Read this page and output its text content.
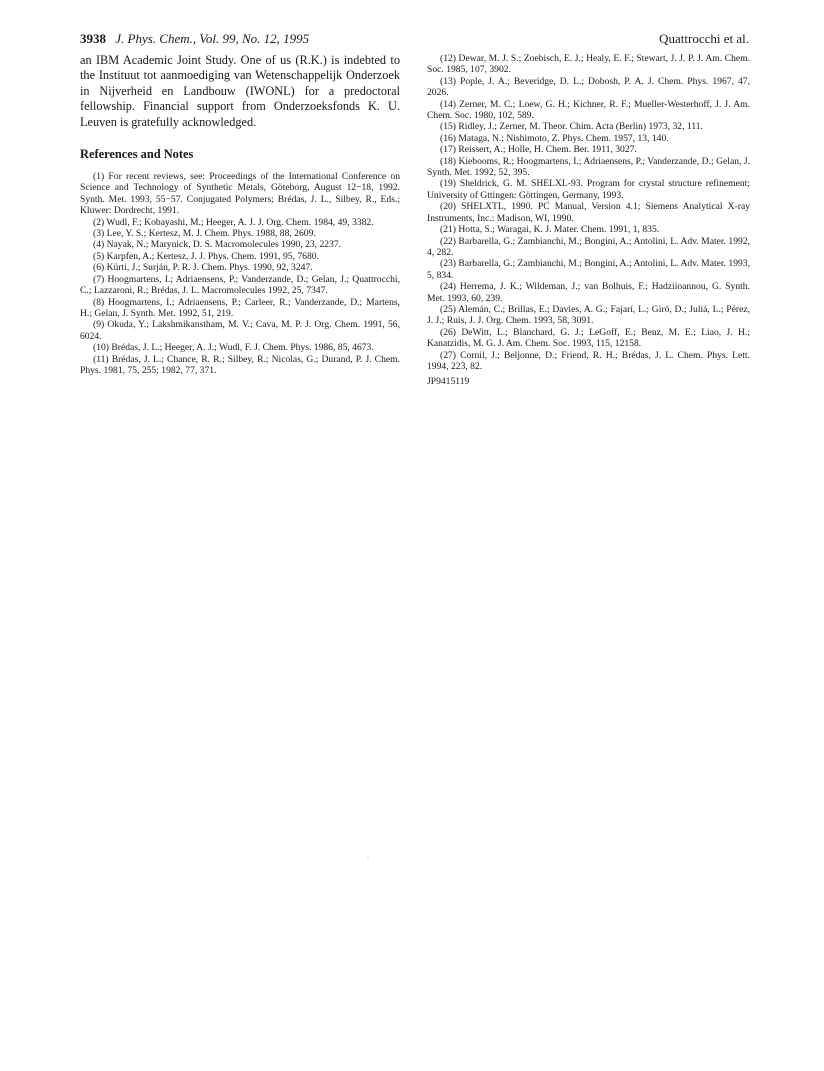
3938 J. Phys. Chem., Vol. 99, No. 12, 1995	Quattrocchi et al.

an IBM Academic Joint Study. One of us (R.K.) is indebted to the Instituut tot aanmoediging van Wetenschappelijk Onderzoek in Nijverheid en Landbouw (IWONL) for a predoctoral fellowship. Financial support from Onderzoeksfonds K. U. Leuven is gratefully acknowledged.

References and Notes

(1) For recent reviews, see: Proceedings of the International Conference on Science and Technology of Synthetic Metals, Göteborg, August 12−18, 1992. Synth. Met. 1993, 55−57. Conjugated Polymers; Brédas, J. L., Silbey, R., Eds.; Kluwer: Dordrecht, 1991.

(2) Wudl, F.; Kobayashi, M.; Heeger, A. J. J. Org. Chem. 1984, 49, 3382.

(3) Lee, Y. S.; Kertesz, M. J. Chem. Phys. 1988, 88, 2609.

(4) Nayak, N.; Marynick, D. S. Macromolecules 1990, 23, 2237.

(5) Karpfen, A.; Kertesz, J. J. Phys. Chem. 1991, 95, 7680.

(6) Kürti, J.; Surján, P. R. J. Chem. Phys. 1990, 92, 3247.

(7) Hoogmartens, I.; Adriaensens, P.; Vanderzande, D.; Gelan, J.; Quattrocchi, C.; Lazzaroni, R.; Brédas, J. L. Macromolecules 1992, 25, 7347.

(8) Hoogmartens, I.; Adriaensens, P.; Carleer, R.; Vanderzande, D.; Martens, H.; Gelan, J. Synth. Met. 1992, 51, 219.

(9) Okuda, Y.; Lakshmikanstham, M. V.; Cava, M. P. J. Org. Chem. 1991, 56, 6024.

(10) Brédas, J. L.; Heeger, A. J.; Wudl, F. J. Chem. Phys. 1986, 85, 4673.

(11) Brédas, J. L.; Chance, R. R.; Silbey, R.; Nicolas, G.; Durand, P. J. Chem. Phys. 1981, 75, 255; 1982, 77, 371.

(12) Dewar, M. J. S.; Zoebisch, E. J.; Healy, E. F.; Stewart, J. J. P. J. Am. Chem. Soc. 1985, 107, 3902.

(13) Pople, J. A.; Beveridge, D. L.; Dobosh, P. A. J. Chem. Phys. 1967, 47, 2026.

(14) Zerner, M. C.; Loew, G. H.; Kichner, R. F.; Mueller-Westerhoff, J. J. Am. Chem. Soc. 1980, 102, 589.

(15) Ridley, J.; Zerner, M. Theor. Chim. Acta (Berlin) 1973, 32, 111.

(16) Mataga, N.; Nishimoto, Z. Phys. Chem. 1957, 13, 140.

(17) Reissert, A.; Holle, H. Chem. Ber. 1911, 3027.

(18) Kiebooms, R.; Hoogmartens, I.; Adriaensens, P.; Vanderzande, D.; Gelan, J. Synth. Met. 1992, 52, 395.

(19) Sheldrick, G. M. SHELXL-93. Program for crystal structure refinement; University of Gttingen: Göttingen, Germany, 1993.

(20) SHELXTL, 1990. PC Manual, Version 4.1; Siemens Analytical X-ray Instruments, Inc.: Madison, WI, 1990.

(21) Hotta, S.; Waragai, K. J. Mater. Chem. 1991, 1, 835.

(22) Barbarella, G.; Zambianchi, M.; Bongini, A.; Antolini, L. Adv. Mater. 1992, 4, 282.

(23) Barbarella, G.; Zambianchi, M.; Bongini, A.; Antolini, L. Adv. Mater. 1993, 5, 834.

(24) Herrema, J. K.; Wildeman, J.; van Bolhuis, F.; Hadziioannou, G. Synth. Met. 1993, 60, 239.

(25) Alemán, C.; Brillas, E.; Davies, A. G.; Fajarí, L.; Giró, D.; Juliá, L.; Pérez, J. J.; Ruis, J. J. Org. Chem. 1993, 58, 3091.

(26) DeWitt, L.; Blanchard, G. J.; LeGoff, E.; Benz, M. E.; Liao, J. H.; Kanatzidis, M. G. J. Am. Chem. Soc. 1993, 115, 12158.

(27) Cornil, J.; Beljonne, D.; Friend, R. H.; Brédas, J. L. Chem. Phys. Lett. 1994, 223, 82.

JP9415119
